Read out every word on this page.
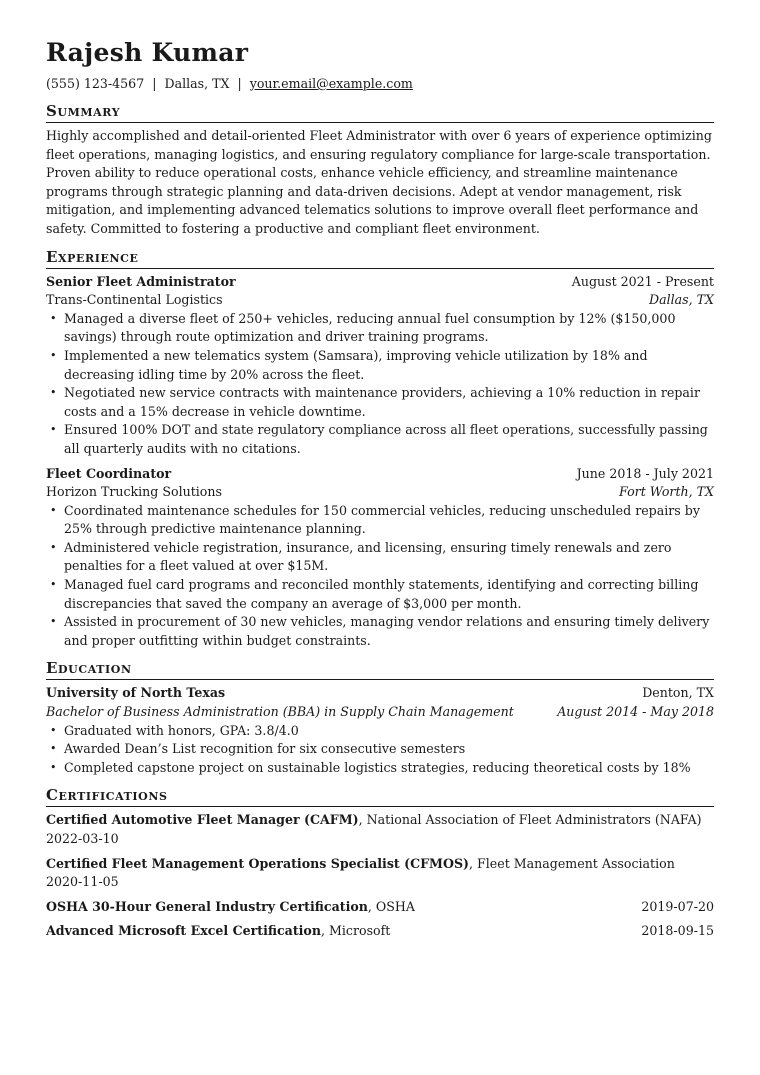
Rajesh Kumar
(555) 123-4567 | Dallas, TX | your.email@example.com
Summary

Highly accomplished and detail-oriented Fleet Administrator with over 6 years of experience optimizing fleet operations, managing logistics, and ensuring regulatory compliance for large-scale transportation. Proven ability to reduce operational costs, enhance vehicle efficiency, and streamline maintenance programs through strategic planning and data-driven decisions. Adept at vendor management, risk mitigation, and implementing advanced telematics solutions to improve overall fleet performance and safety. Committed to fostering a productive and compliant fleet environment.

Experience
Senior Fleet Administrator	August 2021 - Present
Trans-Continental Logistics	Dallas, TX
• Managed a diverse fleet of 250+ vehicles, reducing annual fuel consumption by 12% ($150,000 savings) through route optimization and driver training programs.
• Implemented a new telematics system (Samsara), improving vehicle utilization by 18% and decreasing idling time by 20% across the fleet.
• Negotiated new service contracts with maintenance providers, achieving a 10% reduction in repair costs and a 15% decrease in vehicle downtime.
• Ensured 100% DOT and state regulatory compliance across all fleet operations, successfully passing all quarterly audits with no citations.
Fleet Coordinator	June 2018 - July 2021
Horizon Trucking Solutions	Fort Worth, TX
• Coordinated maintenance schedules for 150 commercial vehicles, reducing unscheduled repairs by 25% through predictive maintenance planning.
• Administered vehicle registration, insurance, and licensing, ensuring timely renewals and zero penalties for a fleet valued at over $15M.
• Managed fuel card programs and reconciled monthly statements, identifying and correcting billing discrepancies that saved the company an average of $3,000 per month.
• Assisted in procurement of 30 new vehicles, managing vendor relations and ensuring timely delivery and proper outfitting within budget constraints.
Education
University of North Texas	Denton, TX
Bachelor of Business Administration (BBA) in Supply Chain Management	August 2014 - May 2018
• Graduated with honors, GPA: 3.8/4.0
• Awarded Dean’s List recognition for six consecutive semesters
• Completed capstone project on sustainable logistics strategies, reducing theoretical costs by 18%
Certifications
Certified Automotive Fleet Manager (CAFM), National Association of Fleet Administrators (NAFA)
2022-03-10
Certified Fleet Management Operations Specialist (CFMOS), Fleet Management Association
2020-11-05
OSHA 30-Hour General Industry Certification, OSHA	2019-07-20
Advanced Microsoft Excel Certification, Microsoft	2018-09-15
